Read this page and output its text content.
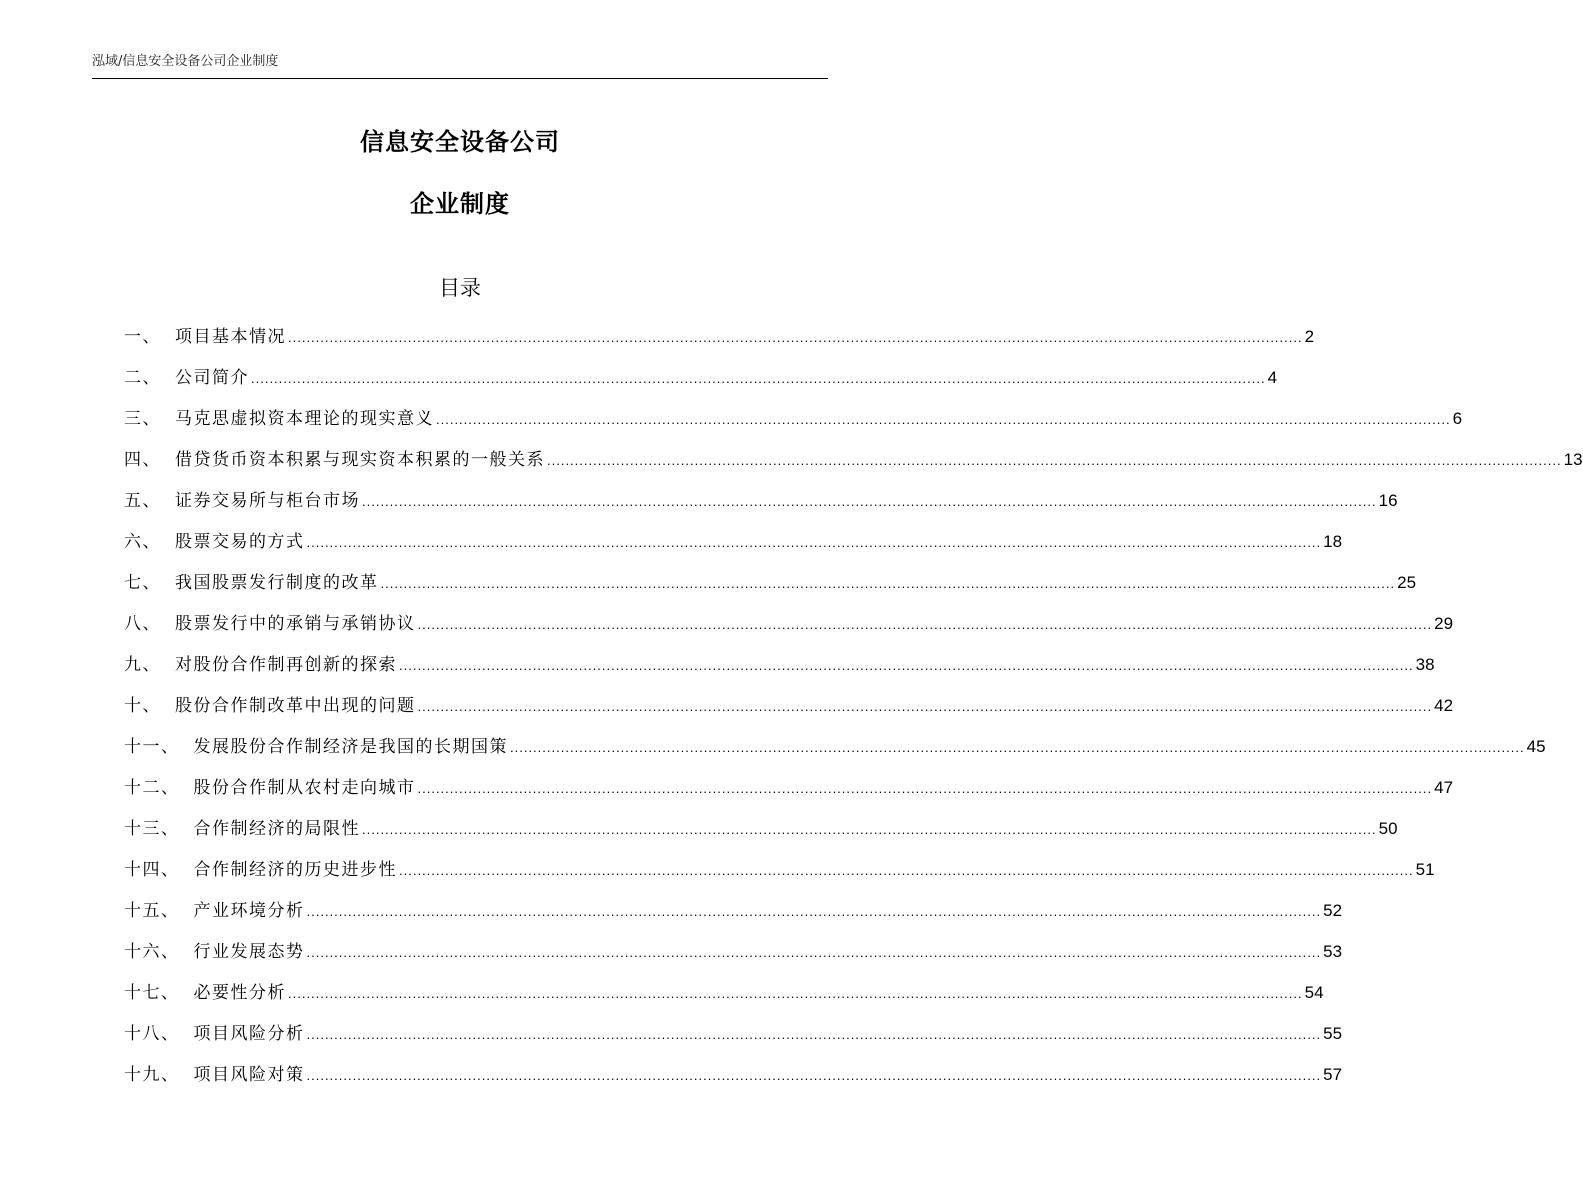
泓域/信息安全设备公司企业制度
信息安全设备公司
企业制度
目录
一、 项目基本情况 ............................................................................................................................................................................................................................ 2
二、 公司简介 ............................................................................................................................................................................................................................ 4
三、 马克思虚拟资本理论的现实意义 ............................................................................................................................................................................................................................ 6
四、 借贷货币资本积累与现实资本积累的一般关系 ............................................................................................................................................................................................................................ 13
五、 证券交易所与柜台市场 ............................................................................................................................................................................................................................ 16
六、 股票交易的方式 ............................................................................................................................................................................................................................ 18
七、 我国股票发行制度的改革 ............................................................................................................................................................................................................................ 25
八、 股票发行中的承销与承销协议 ............................................................................................................................................................................................................................ 29
九、 对股份合作制再创新的探索 ............................................................................................................................................................................................................................ 38
十、 股份合作制改革中出现的问题 ............................................................................................................................................................................................................................ 42
十一、 发展股份合作制经济是我国的长期国策 ............................................................................................................................................................................................................................ 45
十二、 股份合作制从农村走向城市 ............................................................................................................................................................................................................................ 47
十三、 合作制经济的局限性 ............................................................................................................................................................................................................................ 50
十四、 合作制经济的历史进步性 ............................................................................................................................................................................................................................ 51
十五、 产业环境分析 ............................................................................................................................................................................................................................ 52
十六、 行业发展态势 ............................................................................................................................................................................................................................ 53
十七、 必要性分析 ............................................................................................................................................................................................................................ 54
十八、 项目风险分析 ............................................................................................................................................................................................................................ 55
十九、 项目风险对策 ............................................................................................................................................................................................................................ 57
